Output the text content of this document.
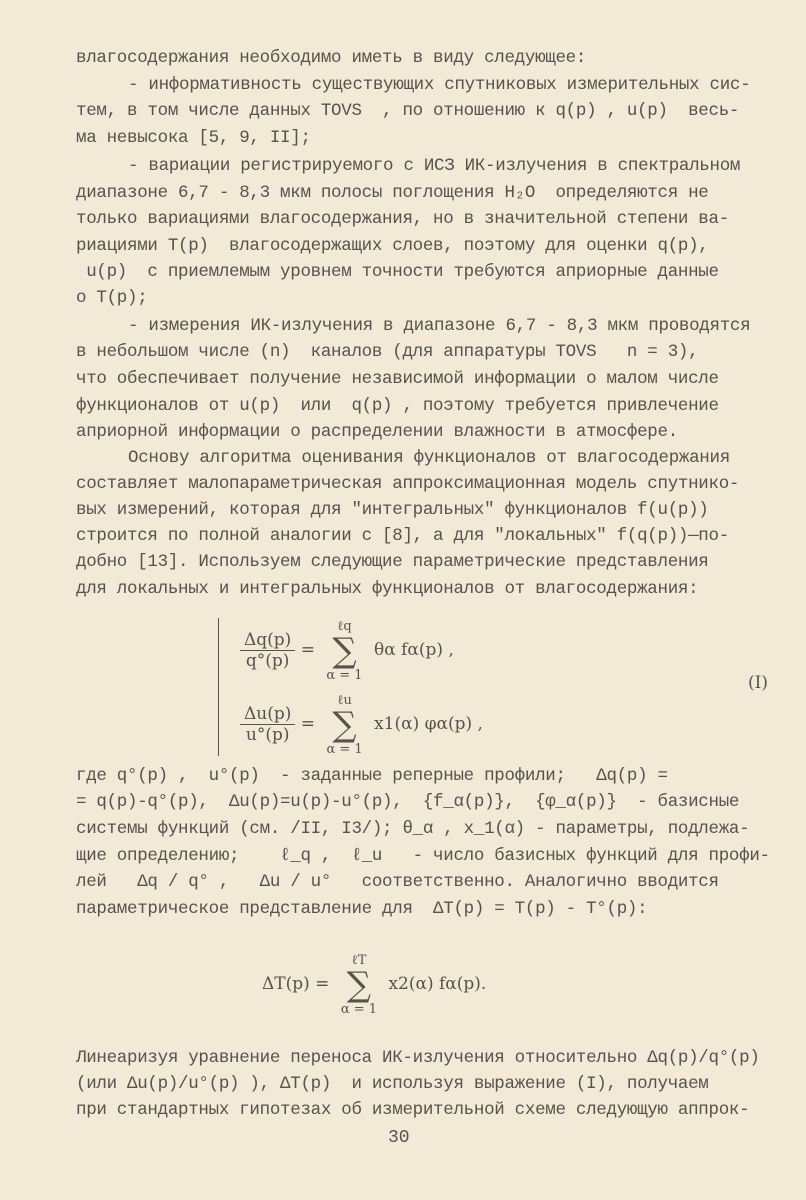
влагосодержания необходимо иметь в виду следующее:
- информативность существующих спутниковых измерительных сис-
тем, в том числе данных TOVS  , по отношению к q(p) , u(p)  весь-
ма невысока [5, 9, II];
- вариации регистрируемого с ИСЗ ИК-излучения в спектральном
диапазоне 6,7 - 8,3 мкм полосы поглощения H₂O  определяются не
только вариациями влагосодержания, но в значительной степени ва-
риациями T(p)  влагосодержащих слоев, поэтому для оценки q(p),
u(p)  с приемлемым уровнем точности требуются априорные данные
о T(p);
- измерения ИК-излучения в диапазоне 6,7 - 8,3 мкм проводятся
в небольшом числе (n)  каналов (для аппаратуры TOVS   n = 3),
что обеспечивает получение независимой информации о малом числе
функционалов от u(p)  или  q(p) , поэтому требуется привлечение
априорной информации о распределении влажности в атмосфере.
Основу алгоритма оценивания функционалов от влагосодержания
составляет малопараметрическая аппроксимационная модель спутнико-
вых измерений, которая для "интегральных" функционалов f(u(p))
строится по полной аналогии с [8], а для "локальных" f(q(p))—по-
добно [13]. Используем следующие параметрические представления
для локальных и интегральных функционалов от влагосодержания:
где q°(p) ,  u°(p)  - заданные реперные профили;   Δq(p) =
= q(p)-q°(p),  Δu(p)=u(p)-u°(p),  {f_α(p)},  {φ_α(p)}  - базисные
системы функций (см. /II, I3/); θ_α , x_1(α) - параметры, подлежа-
щие определению;    ℓ_q ,  ℓ_u   - число базисных функций для профи-
лей   Δq / q° ,   Δu / u°   соответственно. Аналогично вводится
параметрическое представление для  ΔT(p) = T(p) - T°(p):
Линеаризуя уравнение переноса ИК-излучения относительно Δq(p)/q°(p)
(или Δu(p)/u°(p) ), ΔT(p)  и используя выражение (I), получаем
при стандартных гипотезах об измерительной схеме следующую аппрок-
$\frac{\Delta q(p)}{q^\circ(p)}$ =
ℓq
∑
α = 1
θα fα(p) ,
$\frac{\Delta u(p)}{u^\circ(p)}$ =
ℓu
∑
α = 1
x1(α) φα(p) ,
(I)
ΔT(p) =
ℓT
∑
α = 1
x2(α) fα(p).
30
